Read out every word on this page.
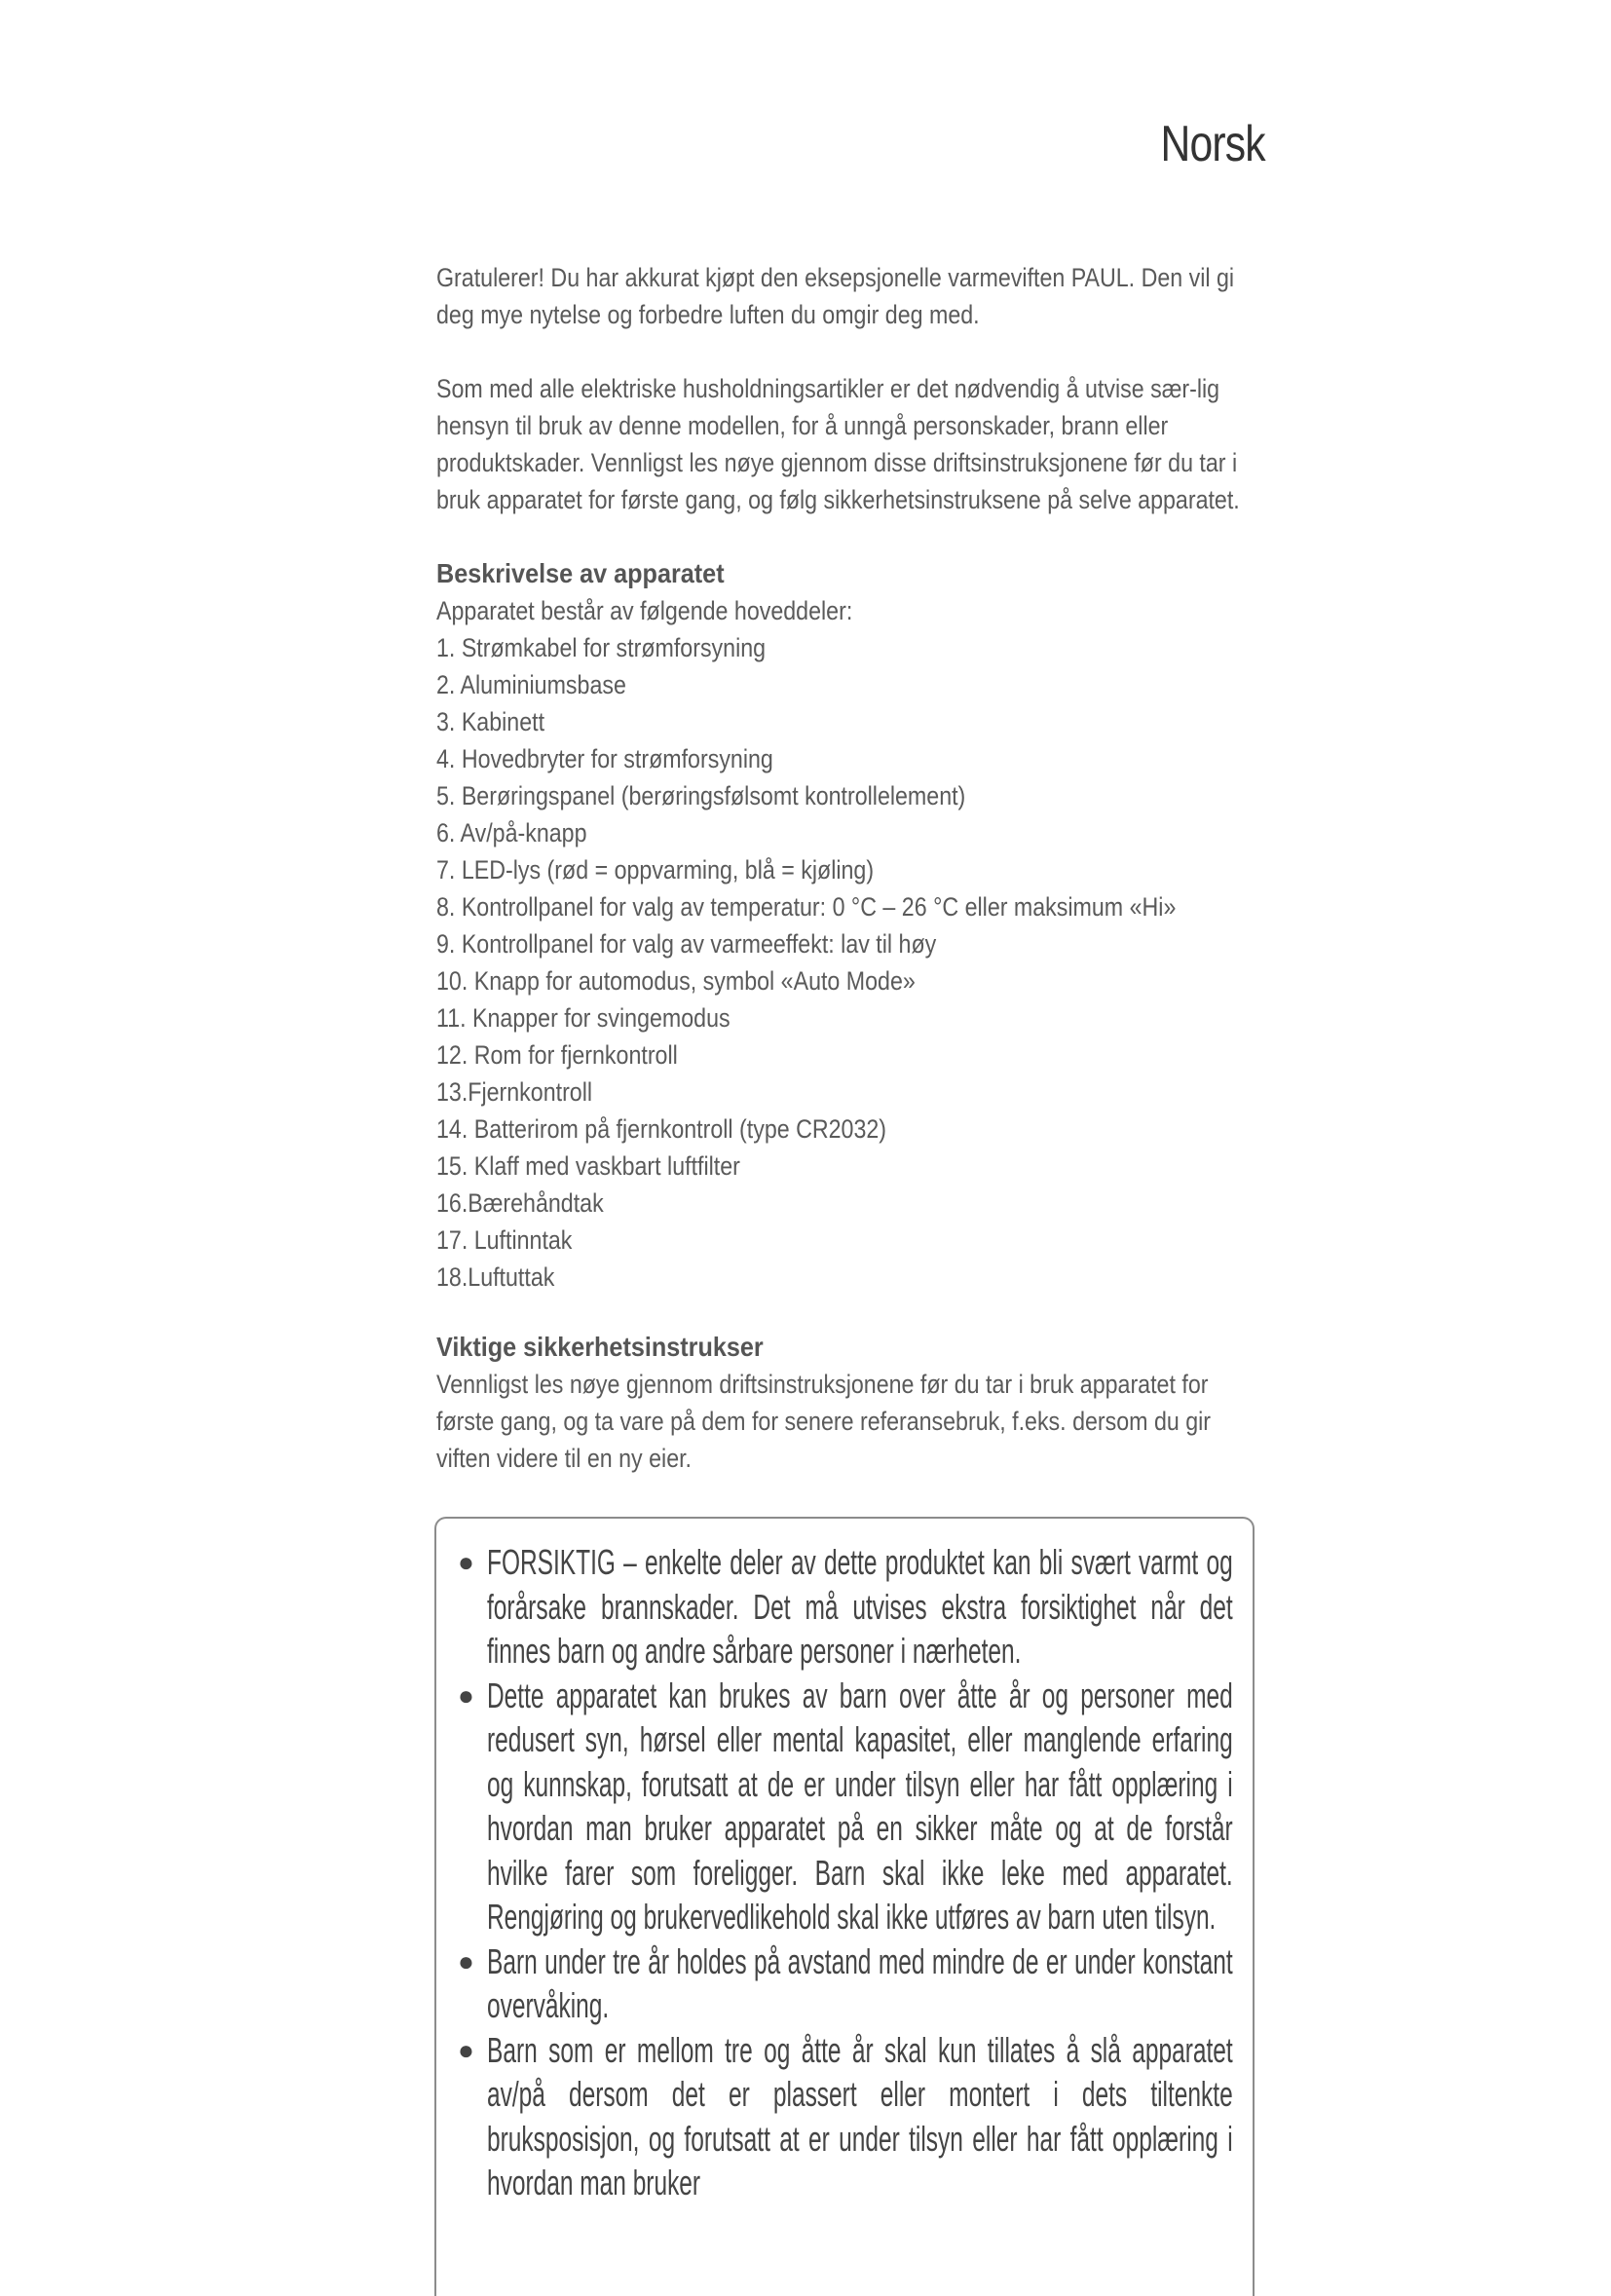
Norsk

Gratulerer! Du har akkurat kjøpt den eksepsjonelle varmeviften PAUL. Den vil gi deg mye nytelse og forbedre luften du omgir deg med.

Som med alle elektriske husholdningsartikler er det nødvendig å utvise sær-lig hensyn til bruk av denne modellen, for å unngå personskader, brann eller produktskader. Vennligst les nøye gjennom disse driftsinstruksjonene før du tar i bruk apparatet for første gang, og følg sikkerhetsinstruksene på selve apparatet.

Beskrivelse av apparatet

Apparatet består av følgende hoveddeler:

1. Strømkabel for strømforsyning
2. Aluminiumsbase
3. Kabinett
4. Hovedbryter for strømforsyning
5. Berøringspanel (berøringsfølsomt kontrollelement)
6. Av/på-knapp
7. LED-lys (rød = oppvarming, blå = kjøling)
8. Kontrollpanel for valg av temperatur: 0 °C – 26 °C eller maksimum «Hi»
9. Kontrollpanel for valg av varmeeffekt: lav til høy
10. Knapp for automodus, symbol «Auto Mode»
11. Knapper for svingemodus
12. Rom for fjernkontroll
13.Fjernkontroll
14. Batterirom på fjernkontroll (type CR2032)
15. Klaff med vaskbart luftfilter
16.Bærehåndtak
17. Luftinntak
18.Luftuttak
Viktige sikkerhetsinstrukser

Vennligst les nøye gjennom driftsinstruksjonene før du tar i bruk apparatet for første gang, og ta vare på dem for senere referansebruk, f.eks. dersom du gir viften videre til en ny eier.

● FORSIKTIG – enkelte deler av dette produktet kan bli svært varmt og forårsake brannskader. Det må utvises ekstra forsiktighet når det finnes barn og andre sårbare personer i nærheten.
● Dette apparatet kan brukes av barn over åtte år og personer med redusert syn, hørsel eller mental kapasitet, eller manglende erfaring og kunnskap, forutsatt at de er under tilsyn eller har fått opplæring i hvordan man bruker apparatet på en sikker måte og at de forstår hvilke farer som foreligger. Barn skal ikke leke med apparatet. Rengjøring og brukervedlikehold skal ikke utføres av barn uten tilsyn.
● Barn under tre år holdes på avstand med mindre de er under konstant overvåking.
● Barn som er mellom tre og åtte år skal kun tillates å slå apparatet av/på dersom det er plassert eller montert i dets tiltenkte bruksposisjon, og forutsatt at er under tilsyn eller har fått opplæring i hvordan man bruker
